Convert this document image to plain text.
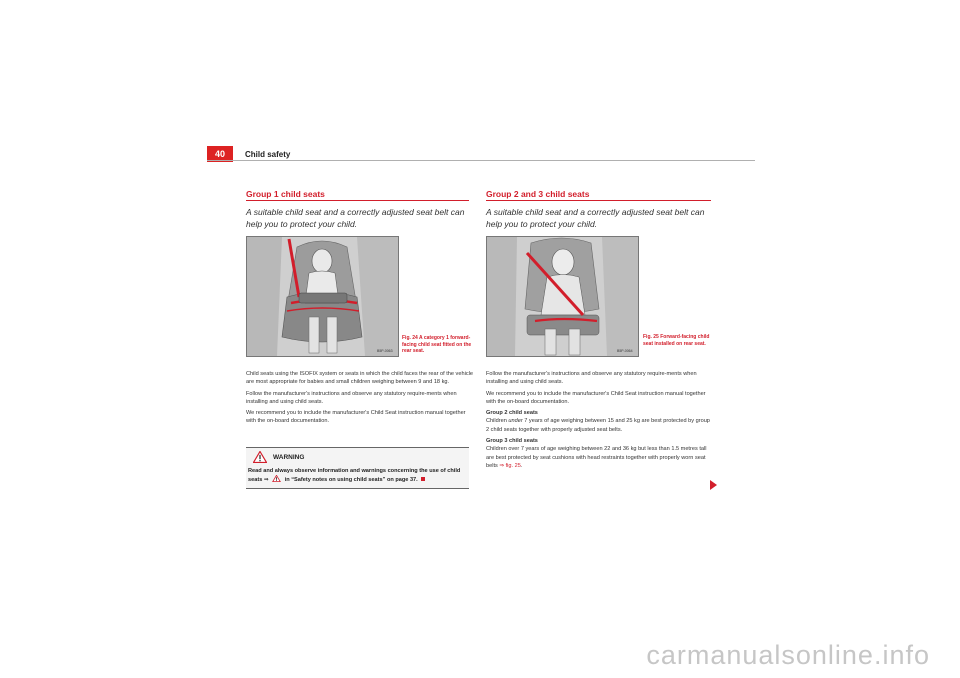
40	Child safety
Group 1 child seats
A suitable child seat and a correctly adjusted seat belt can help you to protect your child.
B5P-0063
Fig. 24 A category 1 forward-facing child seat fitted on the rear seat.

Child seats using the ISOFIX system or seats in which the child faces the rear of the vehicle are most appropriate for babies and small children weighing between 9 and 18 kg.

Follow the manufacturer's instructions and observe any statutory require-ments when installing and using child seats.

We recommend you to include the manufacturer's Child Seat instruction manual together with the on-board documentation.

WARNING
Read and always observe information and warnings concerning the use of child seats ⇒	in “Safety notes on using child seats” on page 37.
Group 2 and 3 child seats
A suitable child seat and a correctly adjusted seat belt can help you to protect your child.
B5P-0064
Fig. 25 Forward-facing child seat installed on rear seat.

Follow the manufacturer's instructions and observe any statutory require-ments when installing and using child seats.

We recommend you to include the manufacturer's Child Seat instruction manual together with the on-board documentation.

Group 2 child seats

Children under 7 years of age weighing between 15 and 25 kg are best protected by group 2 child seats together with properly adjusted seat belts.

Group 3 child seats

Children over 7 years of age weighing between 22 and 36 kg but less than 1.5 metres tall are best protected by seat cushions with head restraints together with properly worn seat belts ⇒ fig. 25.

carmanualsonline.info
